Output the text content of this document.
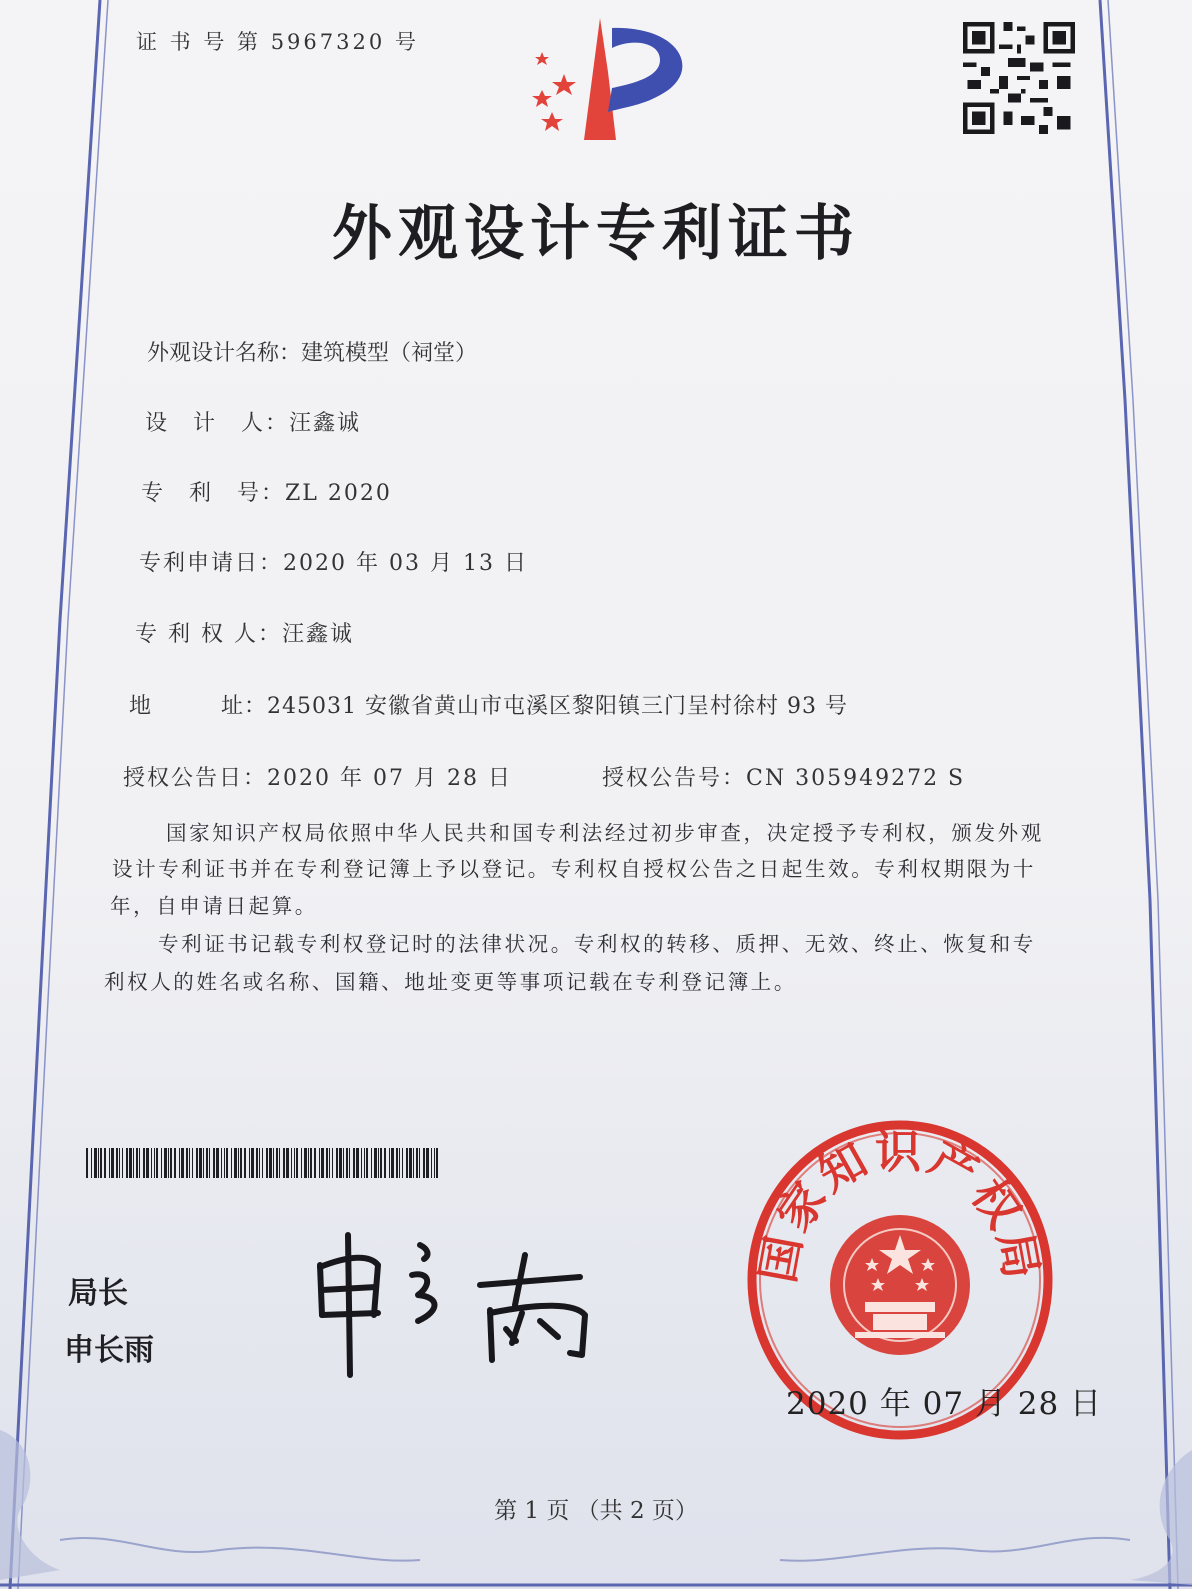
证 书 号 第 5967320 号
外观设计专利证书
外观设计名称：建筑模型（祠堂）
设　计　人：汪鑫诚
专　利　号：ZL 2020
专利申请日：2020 年 03 月 13 日
专 利 权 人：汪鑫诚
地　　　址：245031 安徽省黄山市屯溪区黎阳镇三门呈村徐村 93 号
授权公告日：2020 年 07 月 28 日	授权公告号：CN 305949272 S
国家知识产权局依照中华人民共和国专利法经过初步审查，决定授予专利权，颁发外观
设计专利证书并在专利登记簿上予以登记。专利权自授权公告之日起生效。专利权期限为十
年，自申请日起算。
专利证书记载专利权登记时的法律状况。专利权的转移、质押、无效、终止、恢复和专
利权人的姓名或名称、国籍、地址变更等事项记载在专利登记簿上。
局长
申长雨
国家知识产权局
2020 年 07 月 28 日
第 1 页 （共 2 页）
